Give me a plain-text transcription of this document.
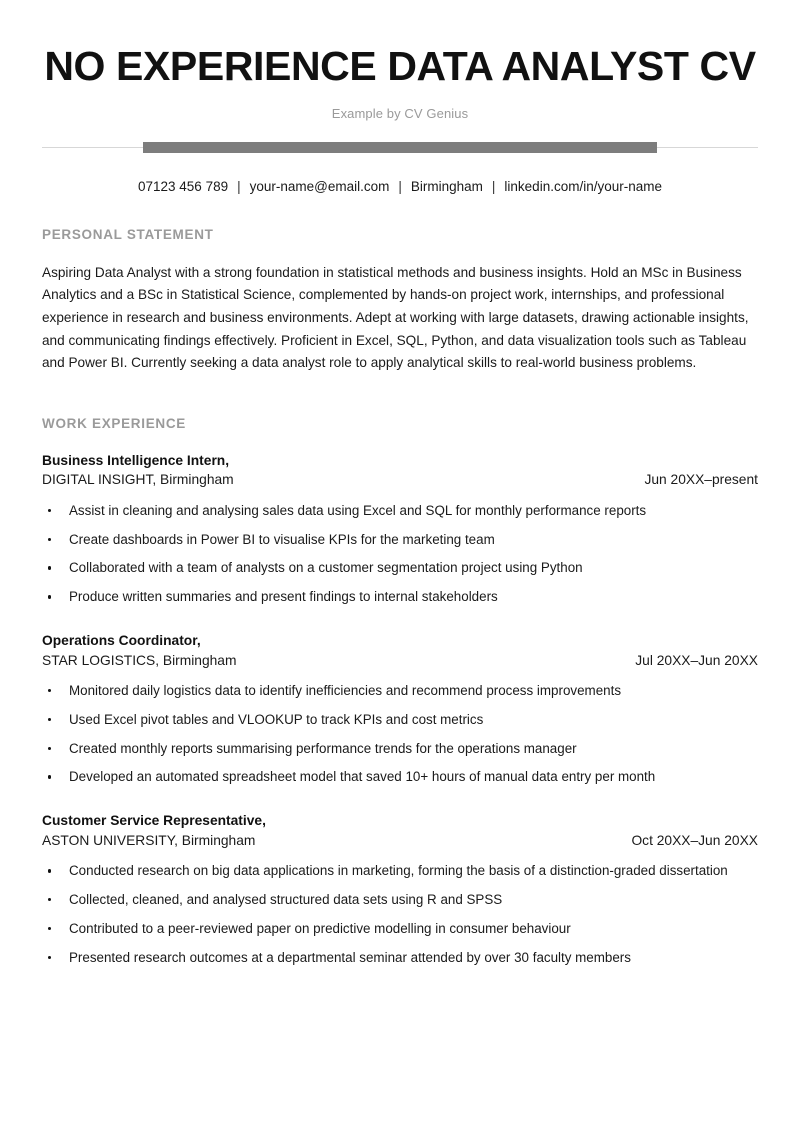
NO EXPERIENCE DATA ANALYST CV
Example by CV Genius
07123 456 789 | your-name@email.com | Birmingham | linkedin.com/in/your-name
PERSONAL STATEMENT

Aspiring Data Analyst with a strong foundation in statistical methods and business insights. Hold an MSc in Business Analytics and a BSc in Statistical Science, complemented by hands-on project work, internships, and professional experience in research and business environments. Adept at working with large datasets, drawing actionable insights, and communicating findings effectively. Proficient in Excel, SQL, Python, and data visualization tools such as Tableau and Power BI. Currently seeking a data analyst role to apply analytical skills to real-world business problems.

WORK EXPERIENCE
Business Intelligence Intern,
DIGITAL INSIGHT, Birmingham	Jun 20XX–present
Assist in cleaning and analysing sales data using Excel and SQL for monthly performance reports
Create dashboards in Power BI to visualise KPIs for the marketing team
Collaborated with a team of analysts on a customer segmentation project using Python
Produce written summaries and present findings to internal stakeholders
Operations Coordinator,
STAR LOGISTICS, Birmingham	Jul 20XX–Jun 20XX
Monitored daily logistics data to identify inefficiencies and recommend process improvements
Used Excel pivot tables and VLOOKUP to track KPIs and cost metrics
Created monthly reports summarising performance trends for the operations manager
Developed an automated spreadsheet model that saved 10+ hours of manual data entry per month
Customer Service Representative,
ASTON UNIVERSITY, Birmingham	Oct 20XX–Jun 20XX
Conducted research on big data applications in marketing, forming the basis of a distinction-graded dissertation
Collected, cleaned, and analysed structured data sets using R and SPSS
Contributed to a peer-reviewed paper on predictive modelling in consumer behaviour
Presented research outcomes at a departmental seminar attended by over 30 faculty members
